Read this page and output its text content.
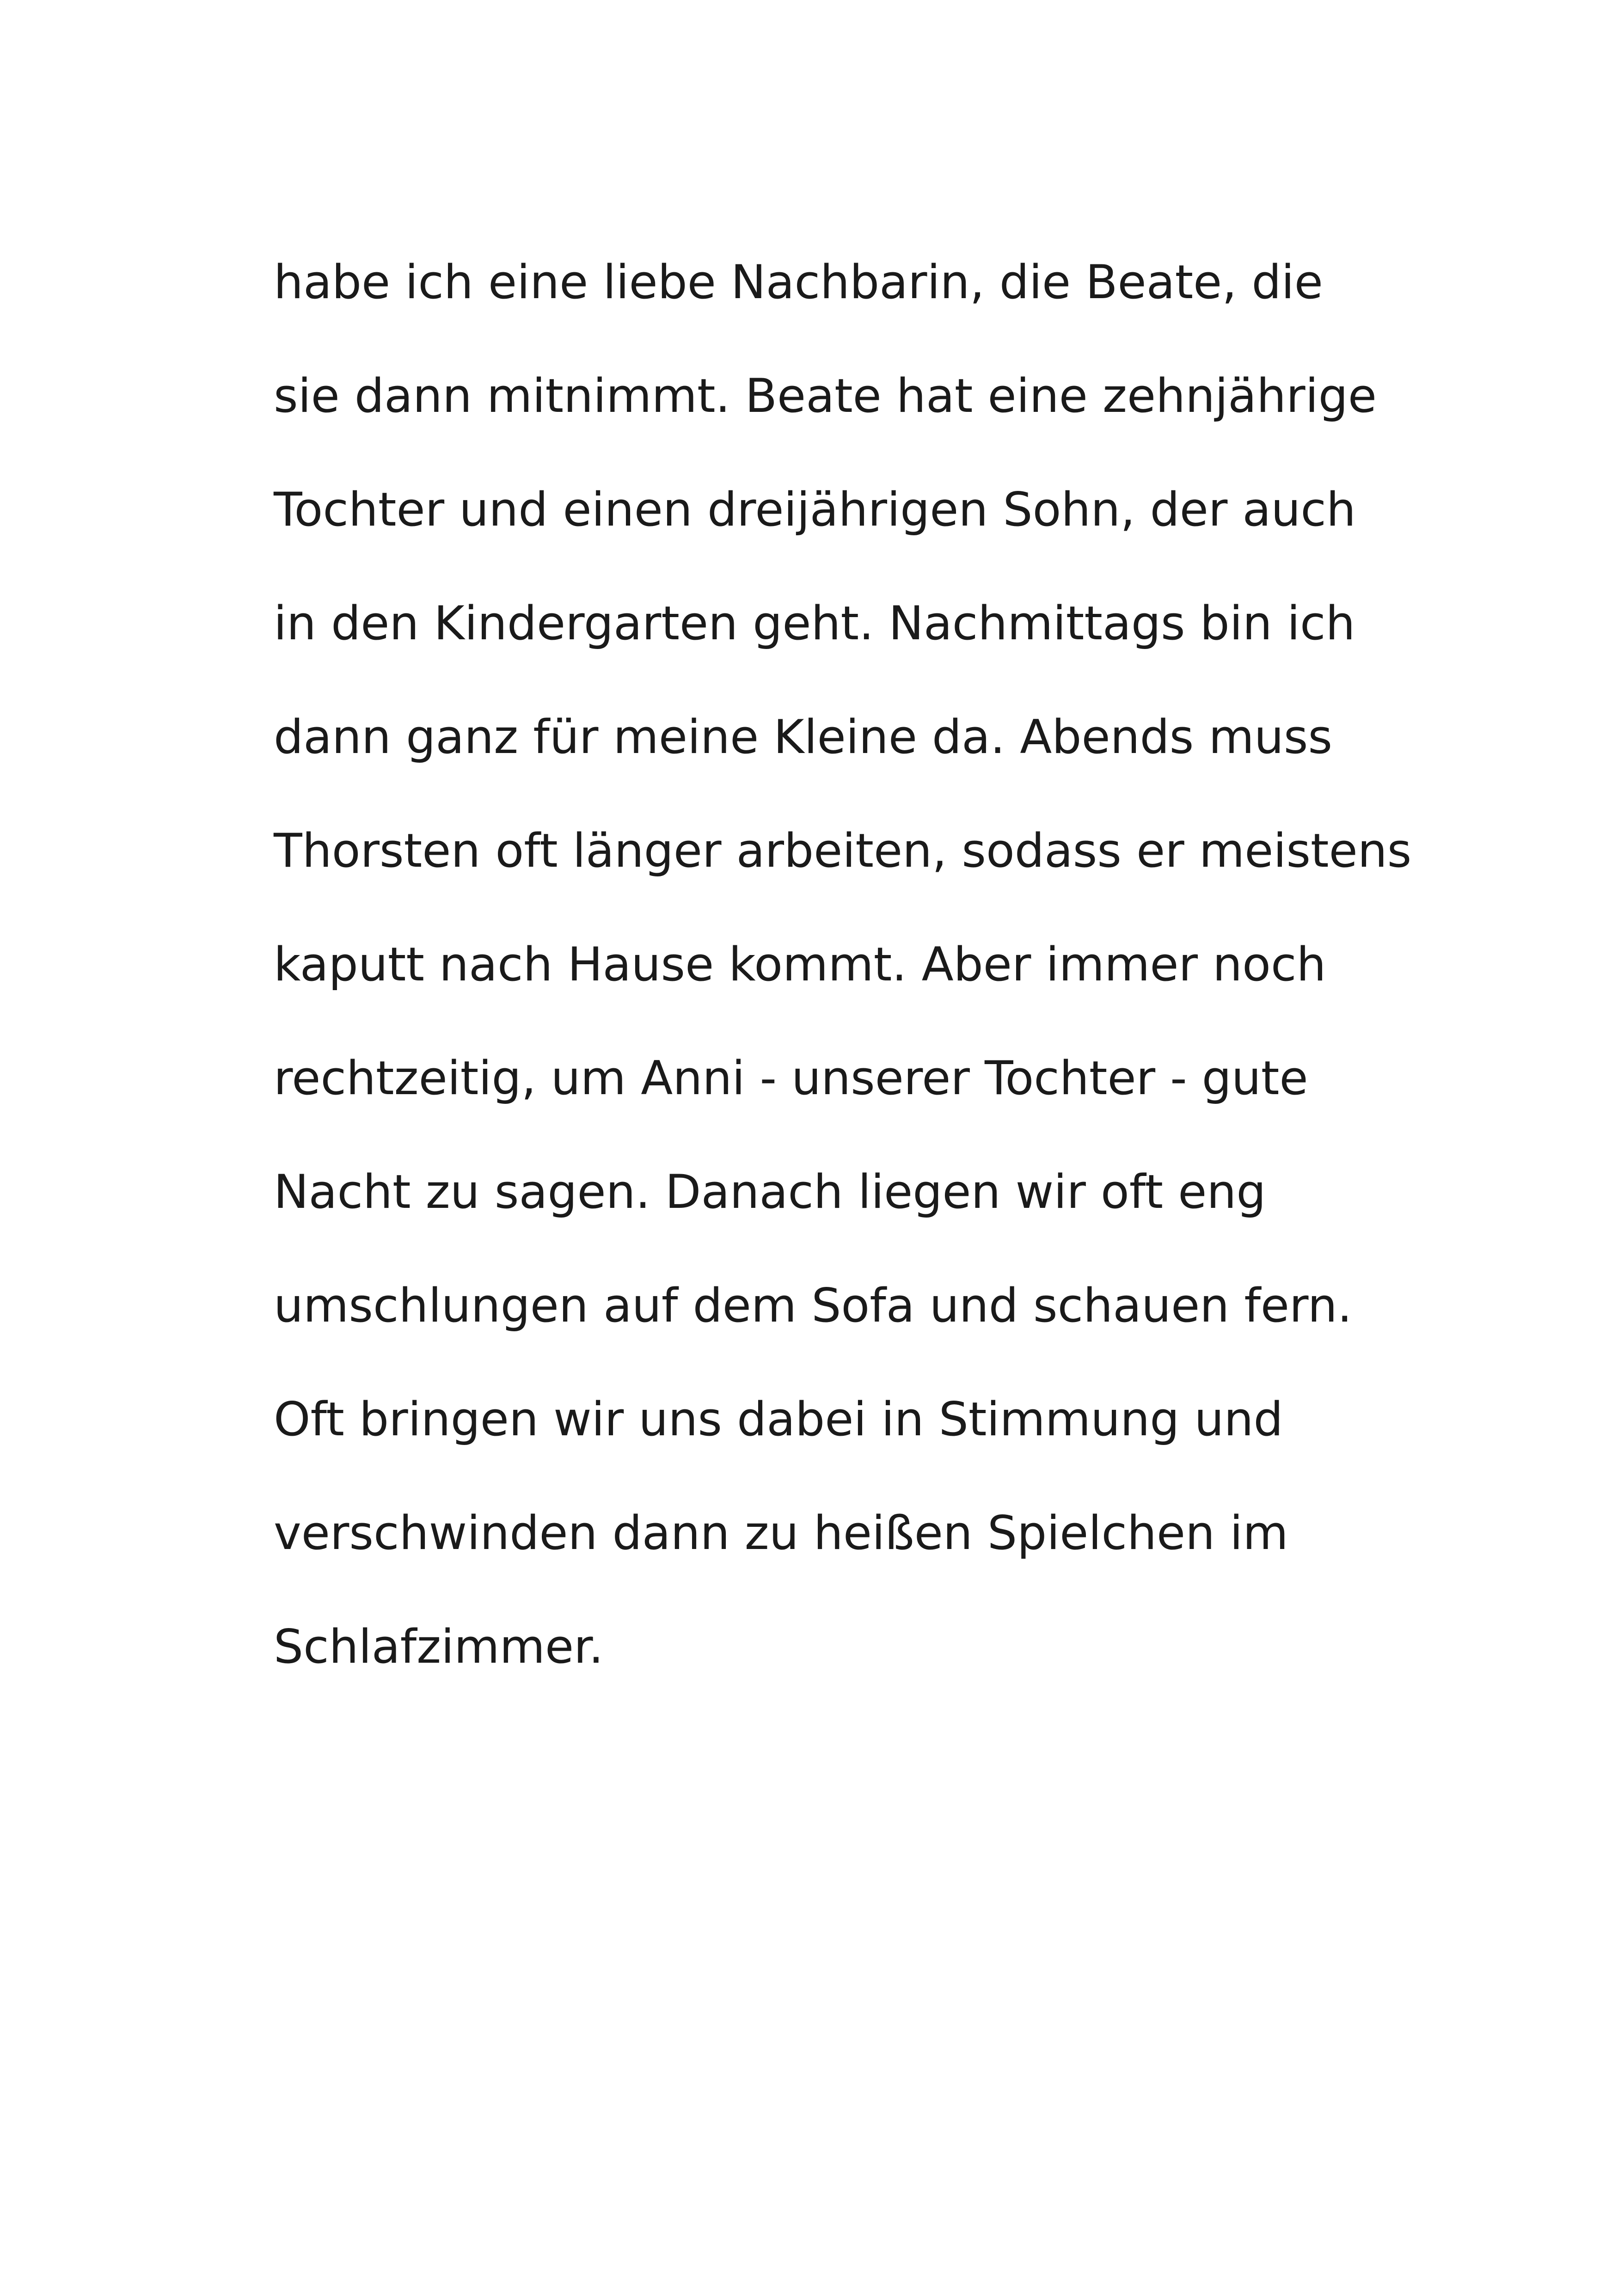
habe ich eine liebe Nachbarin, die Beate, die
sie dann mitnimmt. Beate hat eine zehnjährige
Tochter und einen dreijährigen Sohn, der auch
in den Kindergarten geht. Nachmittags bin ich
dann ganz für meine Kleine da. Abends muss
Thorsten oft länger arbeiten, sodass er meistens
kaputt nach Hause kommt. Aber immer noch
rechtzeitig, um Anni - unserer Tochter - gute
Nacht zu sagen. Danach liegen wir oft eng
umschlungen auf dem Sofa und schauen fern.
Oft bringen wir uns dabei in Stimmung und
verschwinden dann zu heißen Spielchen im
Schlafzimmer.
